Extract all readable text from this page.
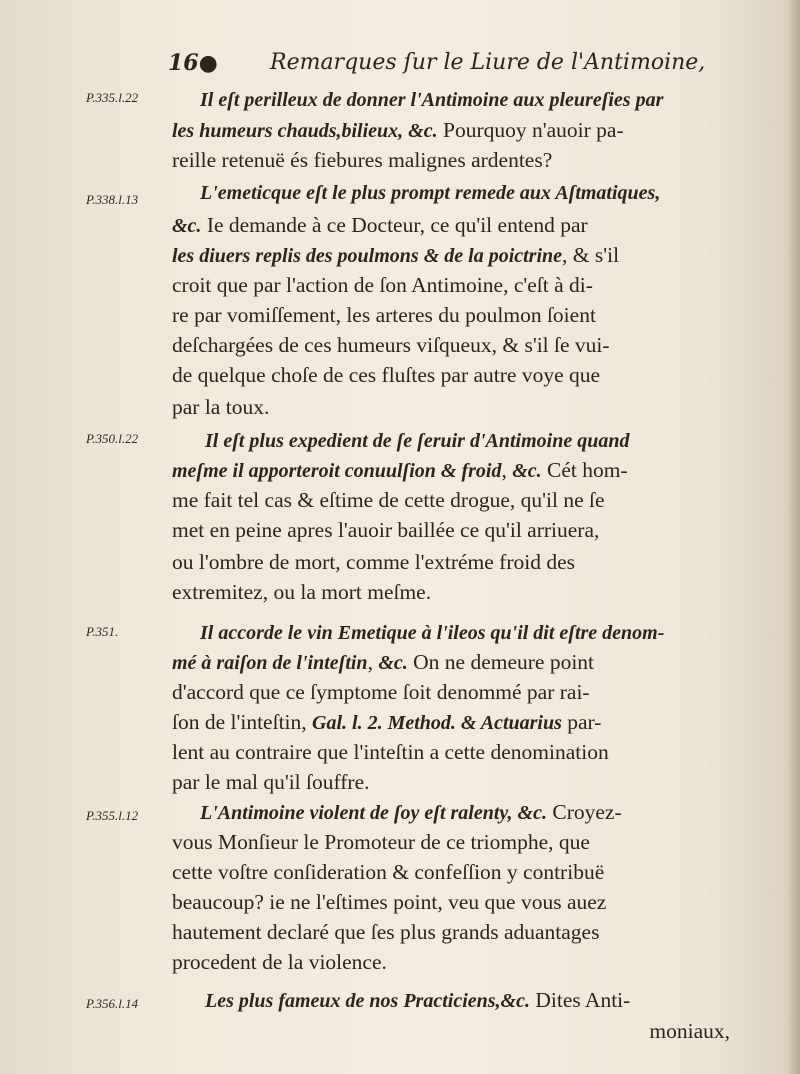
16● Remarques ſur le Liure de l'Antimoine,
P.335.l.22
P.338.l.13
P.350.l.22
P.351.
P.355.l.12
P.356.l.14
Il eſt perilleux de donner l'Antimoine aux pleureſies par
les humeurs chauds,bilieux, &c. Pourquoy n'auoir pa-
reille retenuë és fiebures malignes ardentes?
L'emeticque eſt le plus prompt remede aux Aſtmatiques,
&c. Ie demande à ce Docteur, ce qu'il entend par
les diuers replis des poulmons & de la poictrine, & s'il
croit que par l'action de ſon Antimoine, c'eſt à di-
re par vomiſſement, les arteres du poulmon ſoient
deſchargées de ces humeurs viſqueux, & s'il ſe vui-
de quelque choſe de ces fluſtes par autre voye que
par la toux.
Il eſt plus expedient de ſe ſeruir d'Antimoine quand
meſme il apporteroit conuulſion & froid, &c. Cét hom-
me fait tel cas & eſtime de cette drogue, qu'il ne ſe
met en peine apres l'auoir baillée ce qu'il arriuera,
ou l'ombre de mort, comme l'extréme froid des
extremitez, ou la mort meſme.
Il accorde le vin Emetique à l'ileos qu'il dit eſtre denom-
mé à raiſon de l'inteſtin, &c. On ne demeure point
d'accord que ce ſymptome ſoit denommé par rai-
ſon de l'inteſtin, Gal. l. 2. Method. & Actuarius par-
lent au contraire que l'inteſtin a cette denomination
par le mal qu'il ſouffre.
L'Antimoine violent de ſoy eſt ralenty, &c. Croyez-
vous Monſieur le Promoteur de ce triomphe, que
cette voſtre conſideration & confeſſion y contribuë
beaucoup? ie ne l'eſtimes point, veu que vous auez
hautement declaré que ſes plus grands aduantages
procedent de la violence.
Les plus fameux de nos Practiciens,&c. Dites Anti-
moniaux,
